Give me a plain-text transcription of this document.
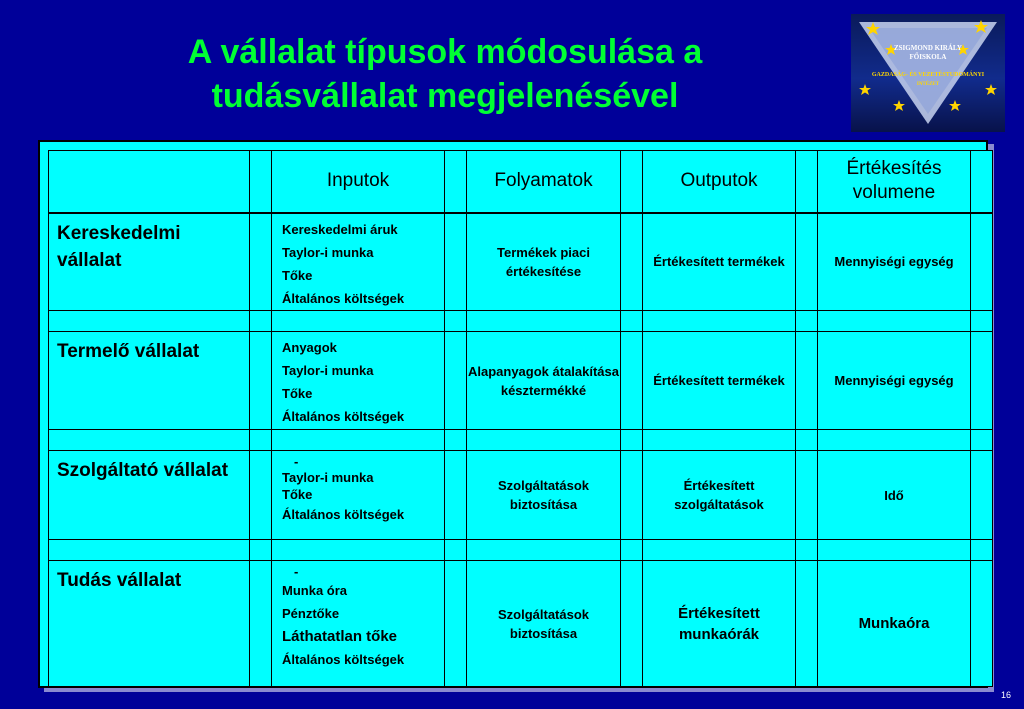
A vállalat típusok módosulása a
tudásvállalat megjelenésével
ZSIGMOND KIRÁLY
FŐISKOLA
GAZDASÁG- ÉS VEZETÉSTUDOMÁNYI
INTÉZET
		Inputok		Folyamatok		Outputok		Értékesítés
volumene	

Kereskedelmi vállalat		Kereskedelmi áruk
Taylor-i munka
Tőke
Általános költségek		Termékek piaci értékesítése		Értékesített termékek		Mennyiségi egység	

Termelő vállalat		Anyagok
Taylor-i munka
Tőke
Általános költségek		Alapanyagok átalakítása késztermékké		Értékesített termékek		Mennyiségi egység	

Szolgáltató vállalat		-
Taylor-i munka
Tőke
Általános költségek		Szolgáltatások biztosítása		Értékesített szolgáltatások		Idő	

Tudás vállalat		-
Munka óra
Pénztőke
Láthatatlan tőke
Általános költségek		Szolgáltatások biztosítása		Értékesített munkaórák		Munkaóra	
16
